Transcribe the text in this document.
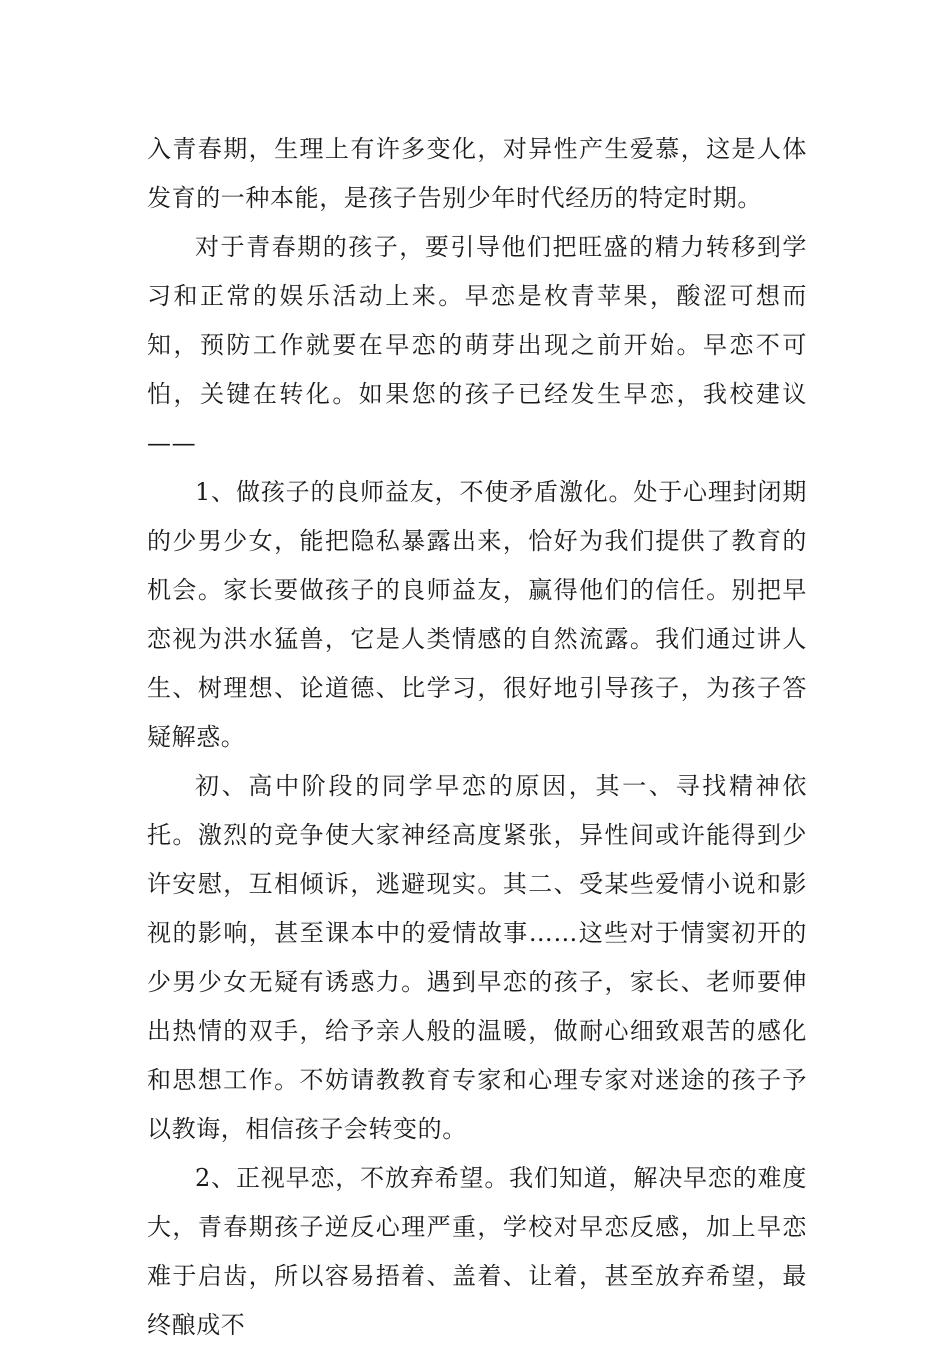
入青春期，生理上有许多变化，对异性产生爱慕，这是人体发育的一种本能，是孩子告别少年时代经历的特定时期。

对于青春期的孩子，要引导他们把旺盛的精力转移到学习和正常的娱乐活动上来。早恋是枚青苹果，酸涩可想而知，预防工作就要在早恋的萌芽出现之前开始。早恋不可怕，关键在转化。如果您的孩子已经发生早恋，我校建议——

1、做孩子的良师益友，不使矛盾激化。处于心理封闭期的少男少女，能把隐私暴露出来，恰好为我们提供了教育的机会。家长要做孩子的良师益友，赢得他们的信任。别把早恋视为洪水猛兽，它是人类情感的自然流露。我们通过讲人生、树理想、论道德、比学习，很好地引导孩子，为孩子答疑解惑。

初、高中阶段的同学早恋的原因，其一、寻找精神依托。激烈的竞争使大家神经高度紧张，异性间或许能得到少许安慰，互相倾诉，逃避现实。其二、受某些爱情小说和影视的影响，甚至课本中的爱情故事……这些对于情窦初开的少男少女无疑有诱惑力。遇到早恋的孩子，家长、老师要伸出热情的双手，给予亲人般的温暖，做耐心细致艰苦的感化和思想工作。不妨请教教育专家和心理专家对迷途的孩子予以教诲，相信孩子会转变的。

2、正视早恋，不放弃希望。我们知道，解决早恋的难度大，青春期孩子逆反心理严重，学校对早恋反感，加上早恋难于启齿，所以容易捂着、盖着、让着，甚至放弃希望，最终酿成不
